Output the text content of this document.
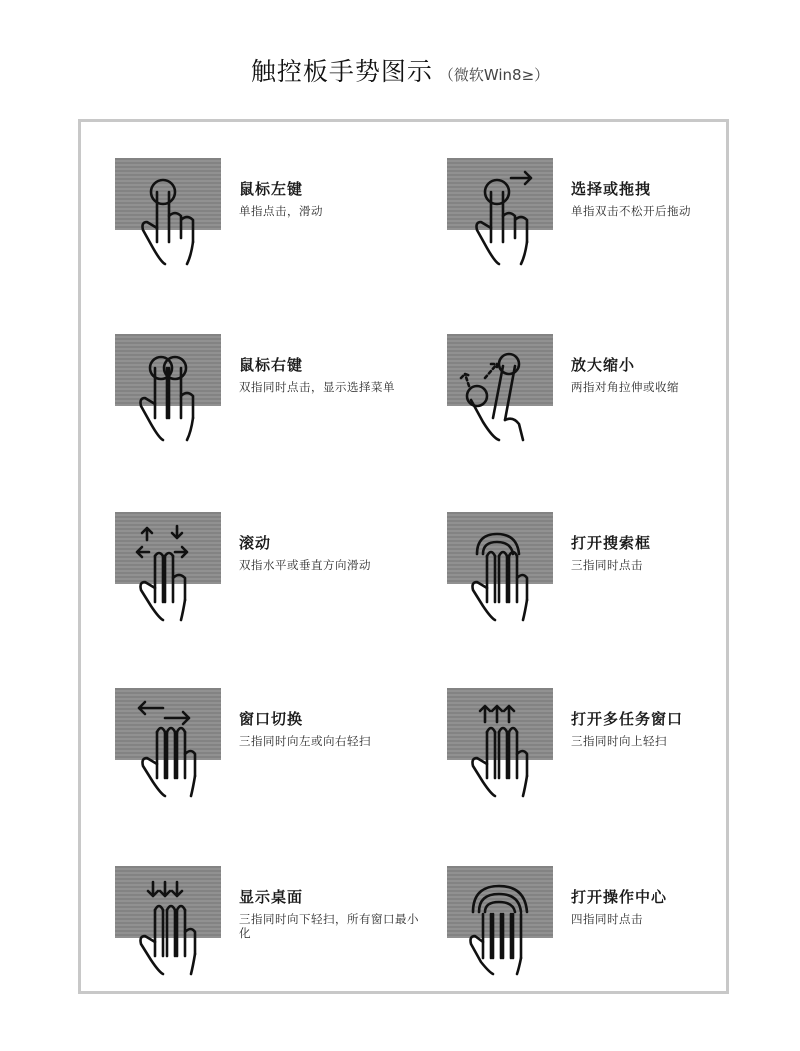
触控板手势图示 （微软Win8≥）
鼠标左键
单指点击，滑动
选择或拖拽
单指双击不松开后拖动
鼠标右键
双指同时点击，显示选择菜单
放大缩小
两指对角拉伸或收缩
滚动
双指水平或垂直方向滑动
打开搜索框
三指同时点击
窗口切换
三指同时向左或向右轻扫
打开多任务窗口
三指同时向上轻扫
显示桌面
三指同时向下轻扫，所有窗口最小化
打开操作中心
四指同时点击
